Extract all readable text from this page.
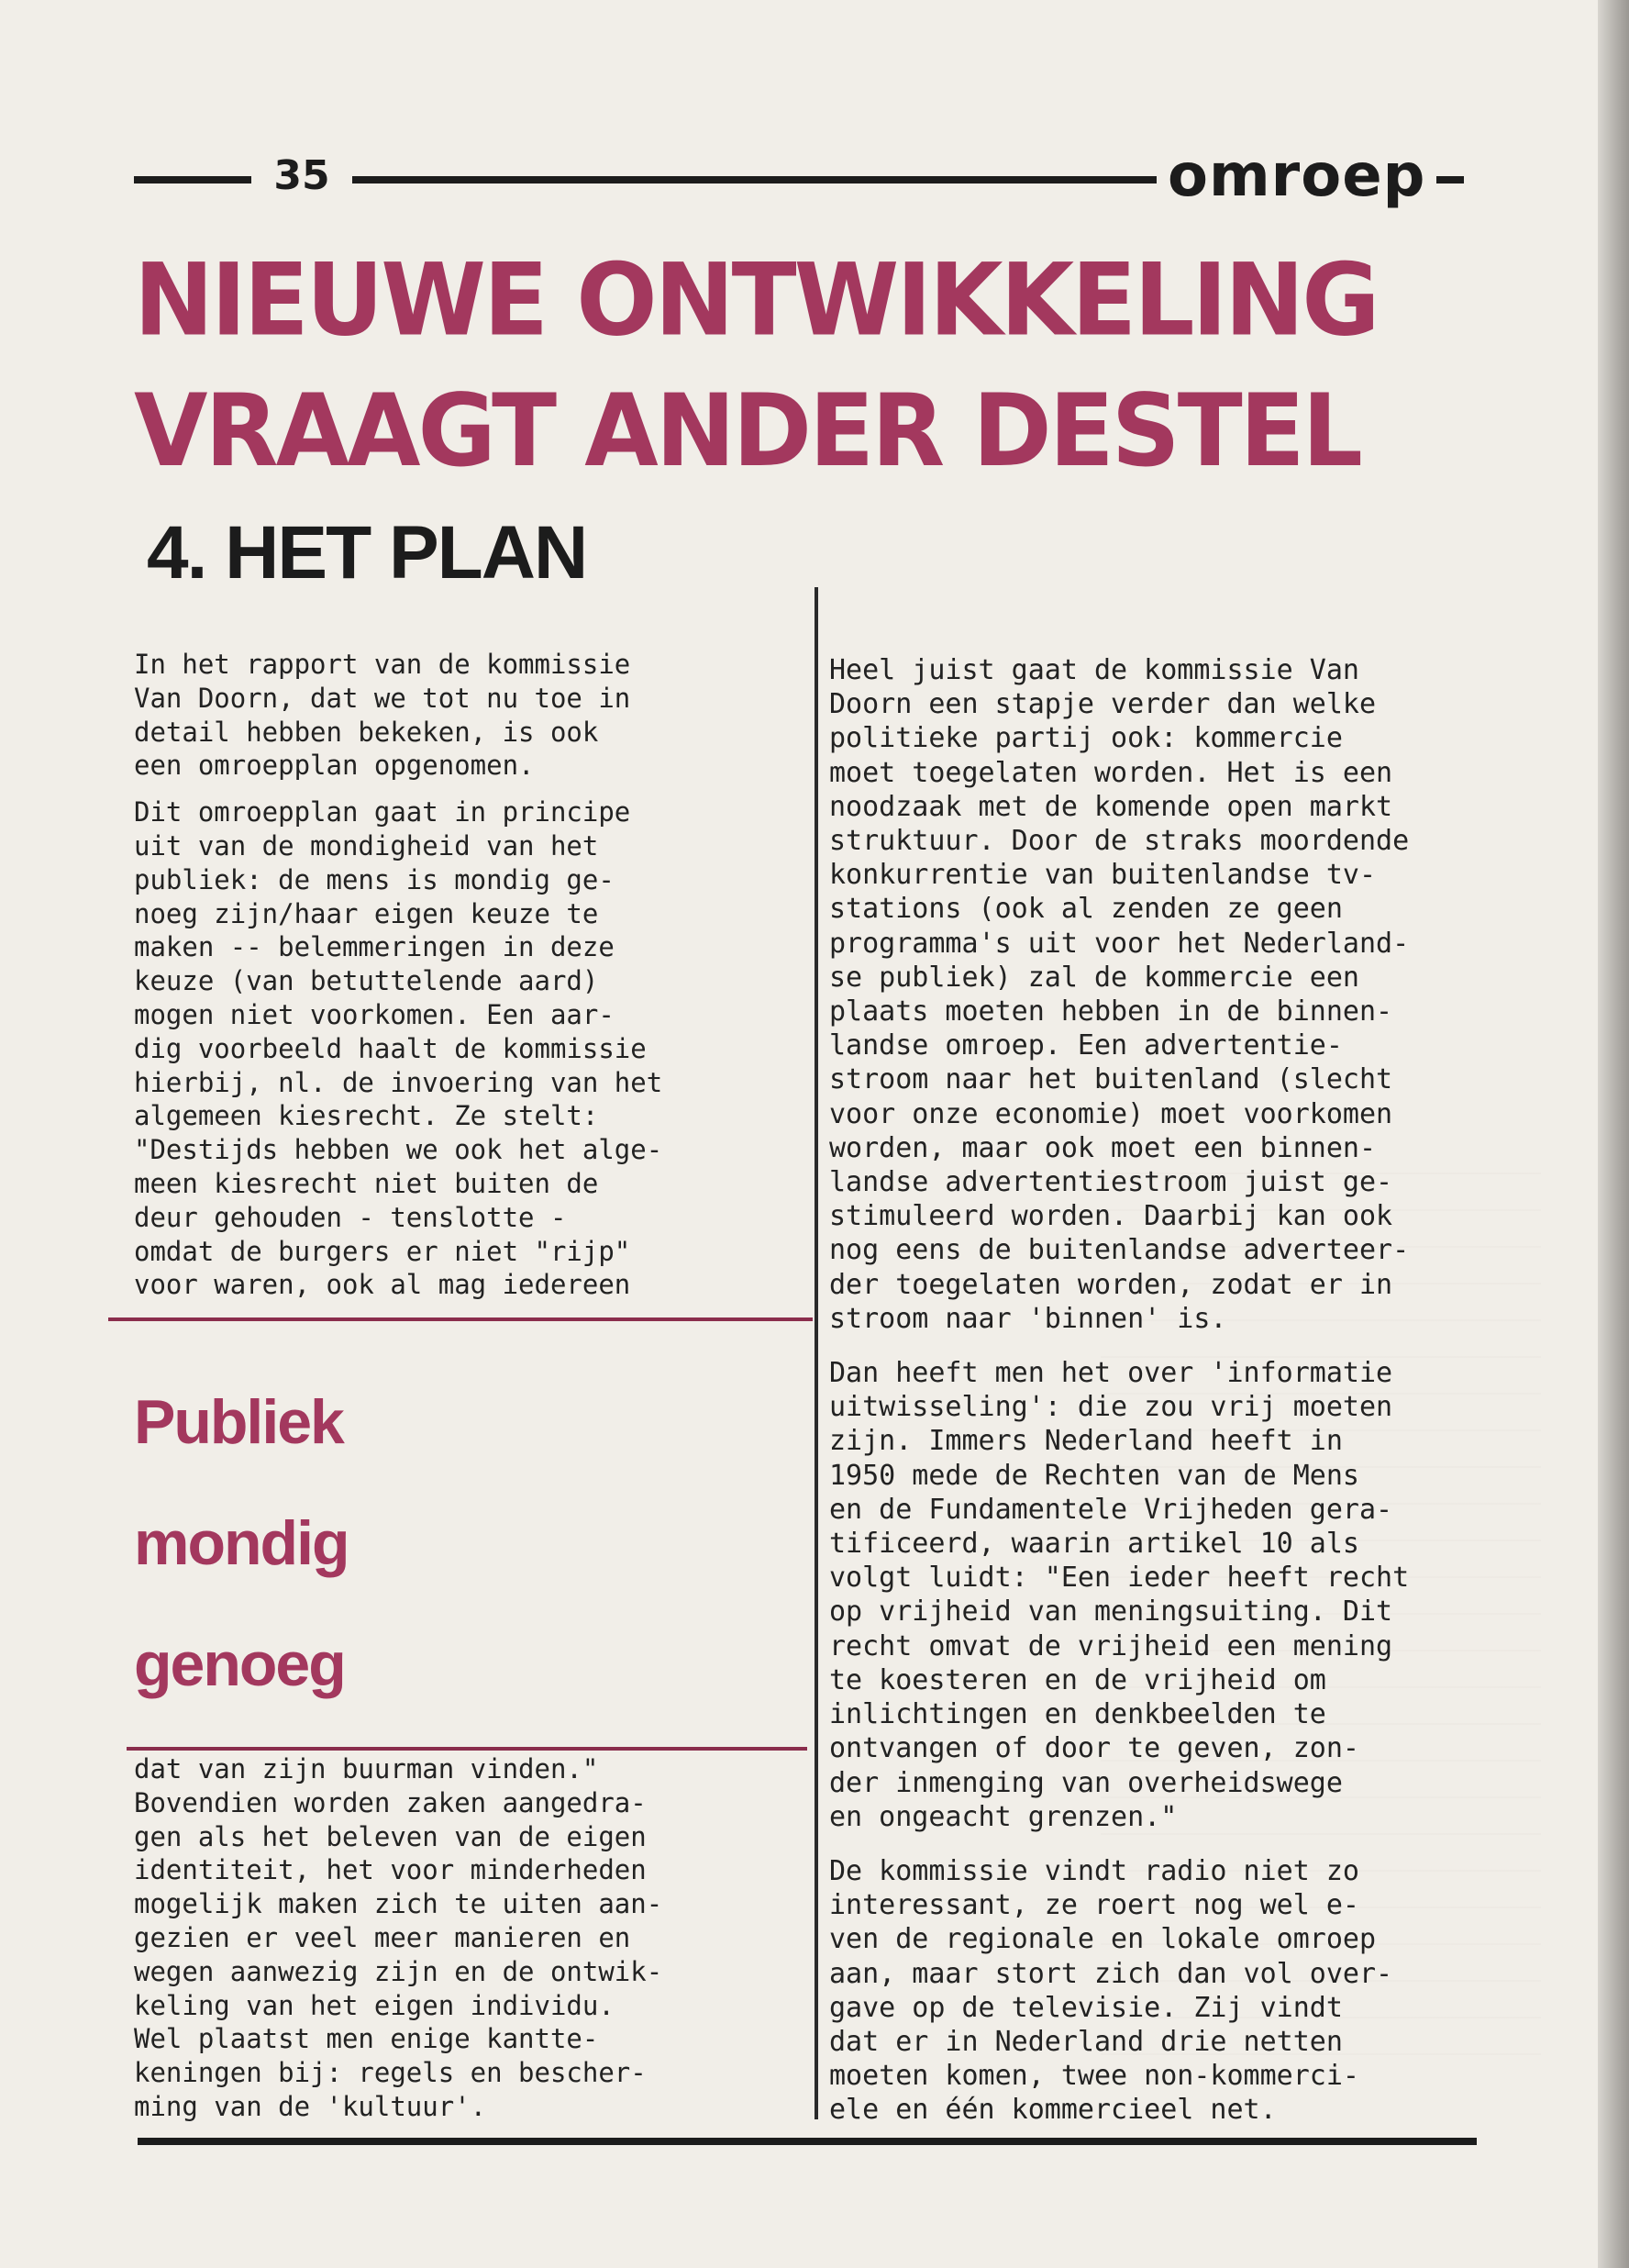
35	omroep
NIEUWE ONTWIKKELING
VRAAGT ANDER DESTEL
4. HET PLAN

In het rapport van de kommissie
Van Doorn, dat we tot nu toe in
detail hebben bekeken, is ook
een omroepplan opgenomen.

Dit omroepplan gaat in principe
uit van de mondigheid van het
publiek: de mens is mondig ge-
noeg zijn/haar eigen keuze te
maken -- belemmeringen in deze
keuze (van betuttelende aard)
mogen niet voorkomen. Een aar-
dig voorbeeld haalt de kommissie
hierbij, nl. de invoering van het
algemeen kiesrecht. Ze stelt:
"Destijds hebben we ook het alge-
meen kiesrecht niet buiten de
deur gehouden - tenslotte -
omdat de burgers er niet "rijp"
voor waren, ook al mag iedereen

Publiek
mondig
genoeg

dat van zijn buurman vinden."
Bovendien worden zaken aangedra-
gen als het beleven van de eigen
identiteit, het voor minderheden
mogelijk maken zich te uiten aan-
gezien er veel meer manieren en
wegen aanwezig zijn en de ontwik-
keling van het eigen individu.
Wel plaatst men enige kantte-
keningen bij: regels en bescher-
ming van de 'kultuur'.

Heel juist gaat de kommissie Van
Doorn een stapje verder dan welke
politieke partij ook: kommercie
moet toegelaten worden. Het is een
noodzaak met de komende open markt
struktuur. Door de straks moordende
konkurrentie van buitenlandse tv-
stations (ook al zenden ze geen
programma's uit voor het Nederland-
se publiek) zal de kommercie een
plaats moeten hebben in de binnen-
landse omroep. Een advertentie-
stroom naar het buitenland (slecht
voor onze economie) moet voorkomen
worden, maar ook moet een binnen-
landse advertentiestroom juist ge-
stimuleerd worden. Daarbij kan ook
nog eens de buitenlandse adverteer-
der toegelaten worden, zodat er in
stroom naar 'binnen' is.

Dan heeft men het over 'informatie
uitwisseling': die zou vrij moeten
zijn. Immers Nederland heeft in
1950 mede de Rechten van de Mens
en de Fundamentele Vrijheden gera-
tificeerd, waarin artikel 10 als
volgt luidt: "Een ieder heeft recht
op vrijheid van meningsuiting. Dit
recht omvat de vrijheid een mening
te koesteren en de vrijheid om
inlichtingen en denkbeelden te
ontvangen of door te geven, zon-
der inmenging van overheidswege
en ongeacht grenzen."

De kommissie vindt radio niet zo
interessant, ze roert nog wel e-
ven de regionale en lokale omroep
aan, maar stort zich dan vol over-
gave op de televisie. Zij vindt
dat er in Nederland drie netten
moeten komen, twee non-kommerci-
ele en één kommercieel net.
